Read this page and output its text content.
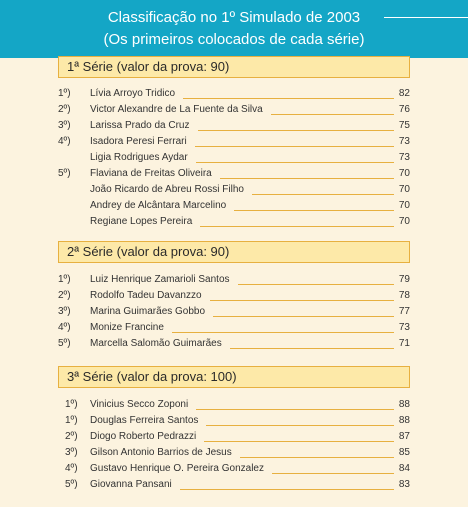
Classificação no 1º Simulado de 2003
(Os primeiros colocados de cada série)
1ª Série (valor da prova: 90)
1º) Lívia Arroyo Tridico	82
2º) Victor Alexandre de La Fuente da Silva	76
3º) Larissa Prado da Cruz	75
4º) Isadora Peresi Ferrari	73
Ligia Rodrigues Aydar	73
5º) Flaviana de Freitas Oliveira	70
João Ricardo de Abreu Rossi Filho	70
Andrey de Alcântara Marcelino	70
Regiane Lopes Pereira	70
2ª Série (valor da prova: 90)
1º) Luiz Henrique Zamarioli Santos	79
2º) Rodolfo Tadeu Davanzzo	78
3º) Marina Guimarães Gobbo	77
4º) Monize Francine	73
5º) Marcella Salomão Guimarães	71
3ª Série (valor da prova: 100)
1º) Vinicius Secco Zoponi	88
1º) Douglas Ferreira Santos	88
2º) Diogo Roberto Pedrazzi	87
3º) Gilson Antonio Barrios de Jesus	85
4º) Gustavo Henrique O. Pereira Gonzalez	84
5º) Giovanna Pansani	83
